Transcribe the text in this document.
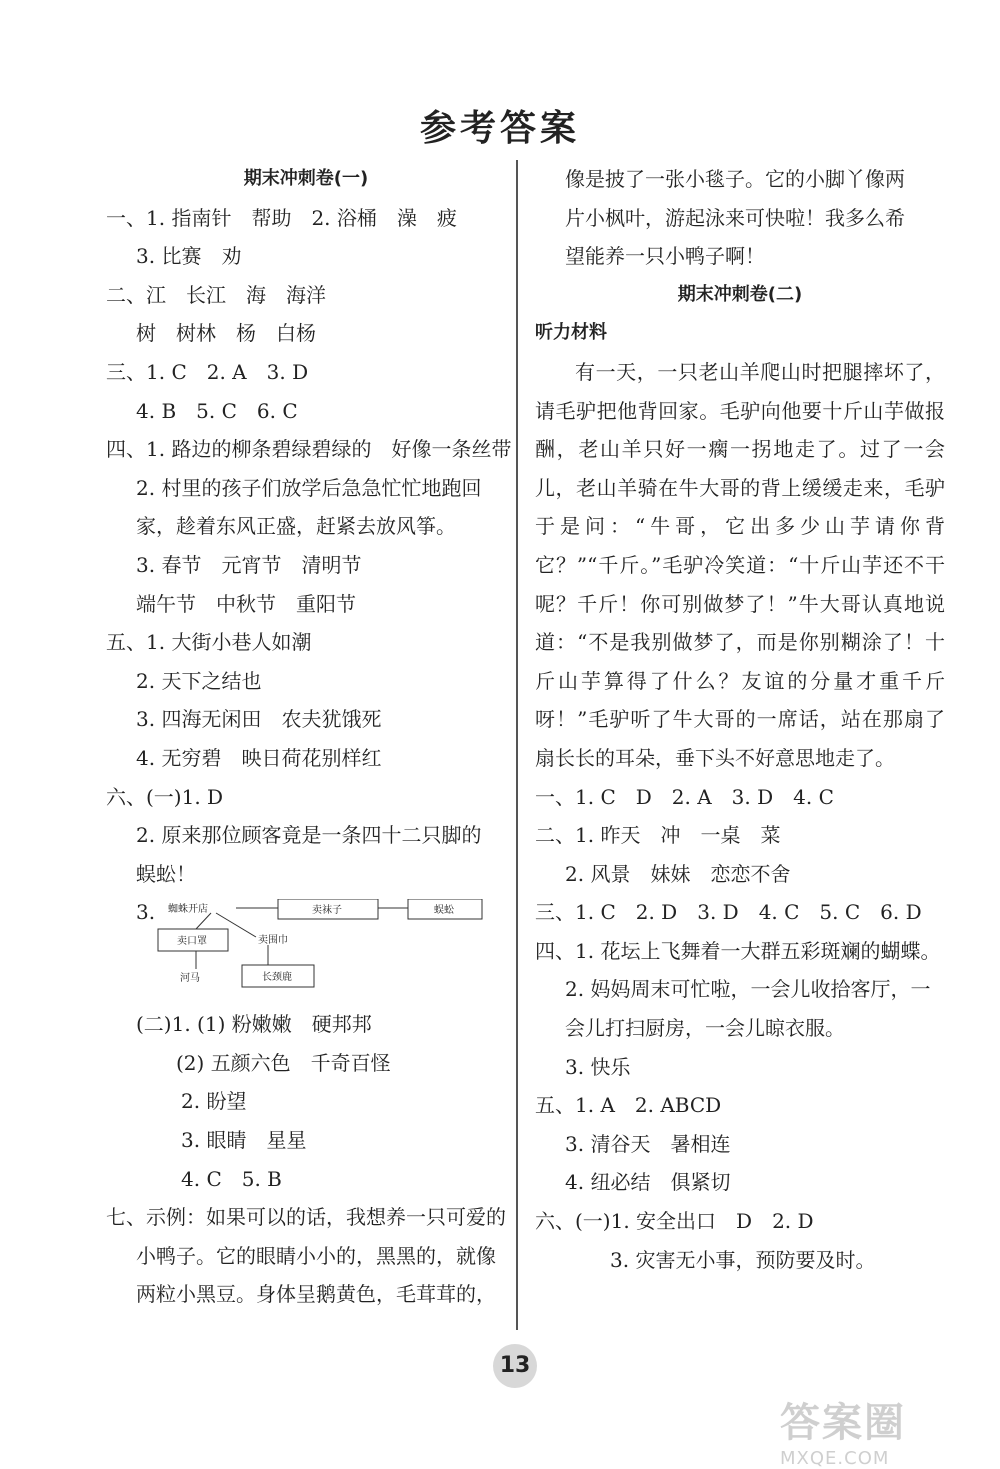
参考答案
期末冲刺卷(一)
一、1. 指南针　帮助　2. 浴桶　澡　疲
3. 比赛　劝
二、江　长江　海　海洋
树　树林　杨　白杨
三、1. C　2. A　3. D
4. B　5. C　6. C
四、1. 路边的柳条碧绿碧绿的　好像一条丝带
2. 村里的孩子们放学后急急忙忙地跑回
家，趁着东风正盛，赶紧去放风筝。
3. 春节　元宵节　清明节
端午节　中秋节　重阳节
五、1. 大街小巷人如潮
2. 天下之结也
3. 四海无闲田　农夫犹饿死
4. 无穷碧　映日荷花别样红
六、(一)1. D
2. 原来那位顾客竟是一条四十二只脚的
蜈蚣！
3. 蜘蛛开店	卖袜子	蜈蚣
卖口罩	卖围巾
河马	长颈鹿
(二)1. (1) 粉嫩嫩　硬邦邦
(2) 五颜六色　千奇百怪
2. 盼望
3. 眼睛　星星
4. C　5. B
七、示例：如果可以的话，我想养一只可爱的
小鸭子。它的眼睛小小的，黑黑的，就像
两粒小黑豆。身体呈鹅黄色，毛茸茸的，
像是披了一张小毯子。它的小脚丫像两
片小枫叶，游起泳来可快啦！我多么希
望能养一只小鸭子啊！
期末冲刺卷(二)
听力材料
有一天，一只老山羊爬山时把腿摔坏了，请毛驴把他背回家。毛驴向他要十斤山芋做报酬，老山羊只好一瘸一拐地走了。过了一会儿，老山羊骑在牛大哥的背上缓缓走来，毛驴于是问：“牛哥，它出多少山芋请你背它？”“千斤。”毛驴冷笑道：“十斤山芋还不干呢？千斤！你可别做梦了！”牛大哥认真地说道：“不是我别做梦了，而是你别糊涂了！十斤山芋算得了什么？友谊的分量才重千斤呀！”毛驴听了牛大哥的一席话，站在那扇了扇长长的耳朵，垂下头不好意思地走了。
一、1. C　D　2. A　3. D　4. C
二、1. 昨天　冲　一桌　菜
2. 风景　妹妹　恋恋不舍
三、1. C　2. D　3. D　4. C　5. C　6. D
四、1. 花坛上飞舞着一大群五彩斑斓的蝴蝶。
2. 妈妈周末可忙啦，一会儿收拾客厅，一
会儿打扫厨房，一会儿晾衣服。
3. 快乐
五、1. A　2. ABCD
3. 清谷天　暑相连
4. 纽必结　俱紧切
六、(一)1. 安全出口　D　2. D
3. 灾害无小事，预防要及时。
13
答案圈
MXQE.COM
